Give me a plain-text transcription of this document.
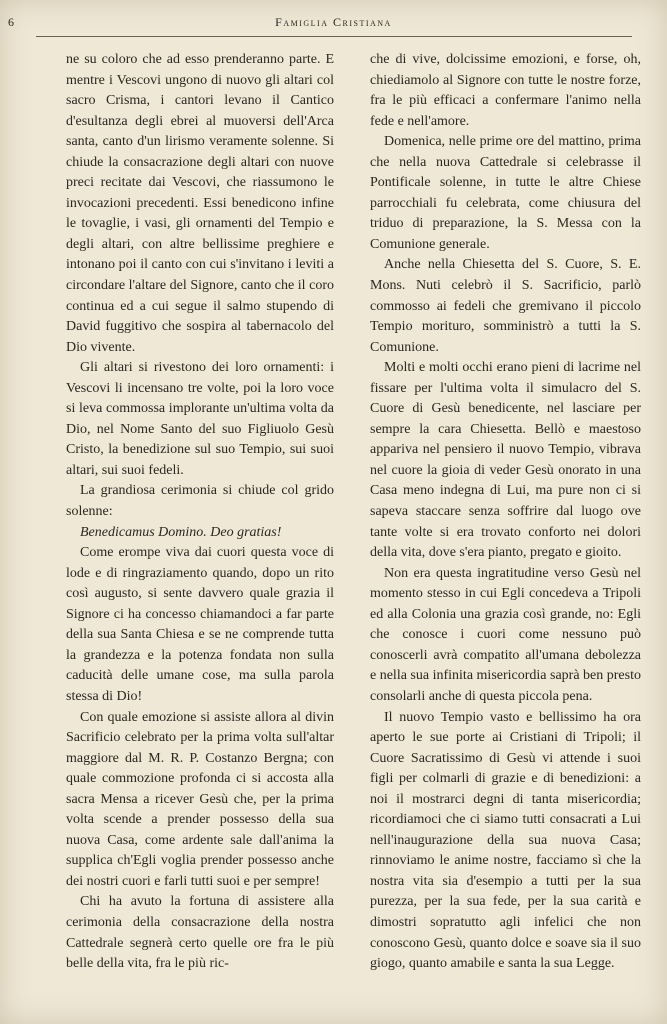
6	Famiglia Cristiana

ne su coloro che ad esso prenderanno parte. E mentre i Vescovi ungono di nuovo gli altari col sacro Crisma, i cantori levano il Cantico d'esultanza degli ebrei al muoversi dell'Arca santa, canto d'un lirismo veramente solenne. Si chiude la consacrazione degli altari con nuove preci recitate dai Vescovi, che riassumono le invocazioni precedenti. Essi benedicono infine le tovaglie, i vasi, gli ornamenti del Tempio e degli altari, con altre bellissime preghiere e intonano poi il canto con cui s'invitano i leviti a circondare l'altare del Signore, canto che il coro continua ed a cui segue il salmo stupendo di David fuggitivo che sospira al tabernacolo del Dio vivente.

Gli altari si rivestono dei loro ornamenti: i Vescovi li incensano tre volte, poi la loro voce si leva commossa implorante un'ultima volta da Dio, nel Nome Santo del suo Figliuolo Gesù Cristo, la benedizione sul suo Tempio, sui suoi altari, sui suoi fedeli.

La grandiosa cerimonia si chiude col grido solenne:

Benedicamus Domino. Deo gratias!

Come erompe viva dai cuori questa voce di lode e di ringraziamento quando, dopo un rito così augusto, si sente davvero quale grazia il Signore ci ha concesso chiamandoci a far parte della sua Santa Chiesa e se ne comprende tutta la grandezza e la potenza fondata non sulla caducità delle umane cose, ma sulla parola stessa di Dio!

Con quale emozione si assiste allora al divin Sacrificio celebrato per la prima volta sull'altar maggiore dal M. R. P. Costanzo Bergna; con quale commozione profonda ci si accosta alla sacra Mensa a ricever Gesù che, per la prima volta scende a prender possesso della sua nuova Casa, come ardente sale dall'anima la supplica ch'Egli voglia prender possesso anche dei nostri cuori e farli tutti suoi e per sempre!

Chi ha avuto la fortuna di assistere alla cerimonia della consacrazione della nostra Cattedrale segnerà certo quelle ore fra le più belle della vita, fra le più ric-

che di vive, dolcissime emozioni, e forse, oh, chiediamolo al Signore con tutte le nostre forze, fra le più efficaci a confermare l'animo nella fede e nell'amore.

Domenica, nelle prime ore del mattino, prima che nella nuova Cattedrale si celebrasse il Pontificale solenne, in tutte le altre Chiese parrocchiali fu celebrata, come chiusura del triduo di preparazione, la S. Messa con la Comunione generale.

Anche nella Chiesetta del S. Cuore, S. E. Mons. Nuti celebrò il S. Sacrificio, parlò commosso ai fedeli che gremivano il piccolo Tempio morituro, somministrò a tutti la S. Comunione.

Molti e molti occhi erano pieni di lacrime nel fissare per l'ultima volta il simulacro del S. Cuore di Gesù benedicente, nel lasciare per sempre la cara Chiesetta. Bellò e maestoso appariva nel pensiero il nuovo Tempio, vibrava nel cuore la gioia di veder Gesù onorato in una Casa meno indegna di Lui, ma pure non ci si sapeva staccare senza soffrire dal luogo ove tante volte si era trovato conforto nei dolori della vita, dove s'era pianto, pregato e gioito.

Non era questa ingratitudine verso Gesù nel momento stesso in cui Egli concedeva a Tripoli ed alla Colonia una grazia così grande, no: Egli che conosce i cuori come nessuno può conoscerli avrà compatito all'umana debolezza e nella sua infinita misericordia saprà ben presto consolarli anche di questa piccola pena.

Il nuovo Tempio vasto e bellissimo ha ora aperto le sue porte ai Cristiani di Tripoli; il Cuore Sacratissimo di Gesù vi attende i suoi figli per colmarli di grazie e di benedizioni: a noi il mostrarci degni di tanta misericordia; ricordiamoci che ci siamo tutti consacrati a Lui nell'inaugurazione della sua nuova Casa; rinnoviamo le anime nostre, facciamo sì che la nostra vita sia d'esempio a tutti per la sua purezza, per la sua fede, per la sua carità e dimostri sopratutto agli infelici che non conoscono Gesù, quanto dolce e soave sia il suo giogo, quanto amabile e santa la sua Legge.
